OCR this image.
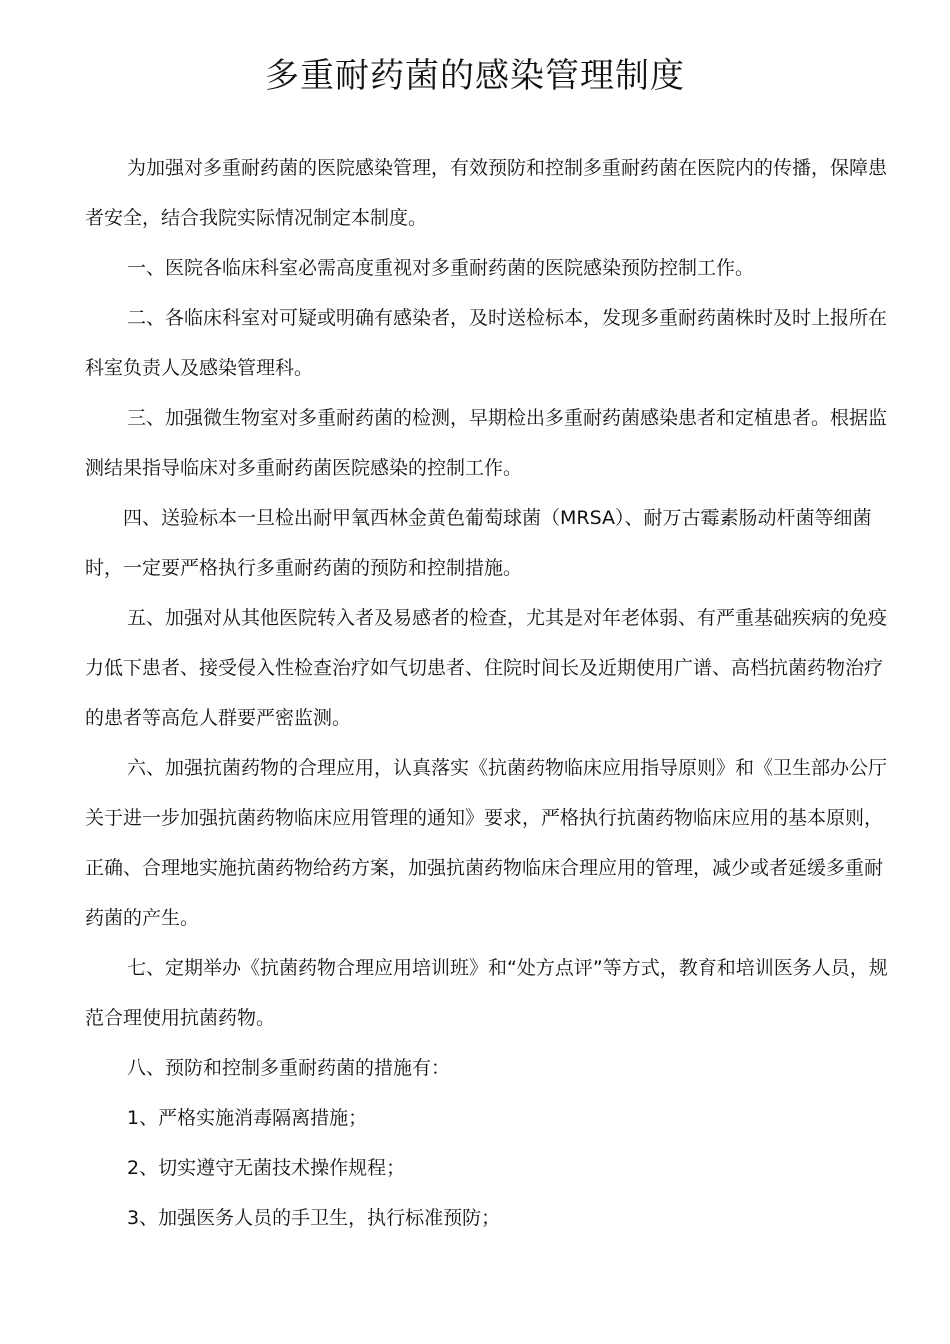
多重耐药菌的感染管理制度

为加强对多重耐药菌的医院感染管理，有效预防和控制多重耐药菌在医院内的传播，保障患者安全，结合我院实际情况制定本制度。

一、医院各临床科室必需高度重视对多重耐药菌的医院感染预防控制工作。

二、各临床科室对可疑或明确有感染者，及时送检标本，发现多重耐药菌株时及时上报所在科室负责人及感染管理科。

三、加强微生物室对多重耐药菌的检测，早期检出多重耐药菌感染患者和定植患者。根据监测结果指导临床对多重耐药菌医院感染的控制工作。

四、送验标本一旦检出耐甲氧西林金黄色葡萄球菌（MRSA）、耐万古霉素肠动杆菌等细菌时，一定要严格执行多重耐药菌的预防和控制措施。

五、加强对从其他医院转入者及易感者的检查，尤其是对年老体弱、有严重基础疾病的免疫力低下患者、接受侵入性检查治疗如气切患者、住院时间长及近期使用广谱、高档抗菌药物治疗的患者等高危人群要严密监测。

六、加强抗菌药物的合理应用，认真落实《抗菌药物临床应用指导原则》和《卫生部办公厅关于进一步加强抗菌药物临床应用管理的通知》要求，严格执行抗菌药物临床应用的基本原则，正确、合理地实施抗菌药物给药方案，加强抗菌药物临床合理应用的管理，减少或者延缓多重耐药菌的产生。

七、定期举办《抗菌药物合理应用培训班》和“处方点评”等方式，教育和培训医务人员，规范合理使用抗菌药物。

八、预防和控制多重耐药菌的措施有：

1、严格实施消毒隔离措施；

2、切实遵守无菌技术操作规程；

3、加强医务人员的手卫生，执行标准预防；
